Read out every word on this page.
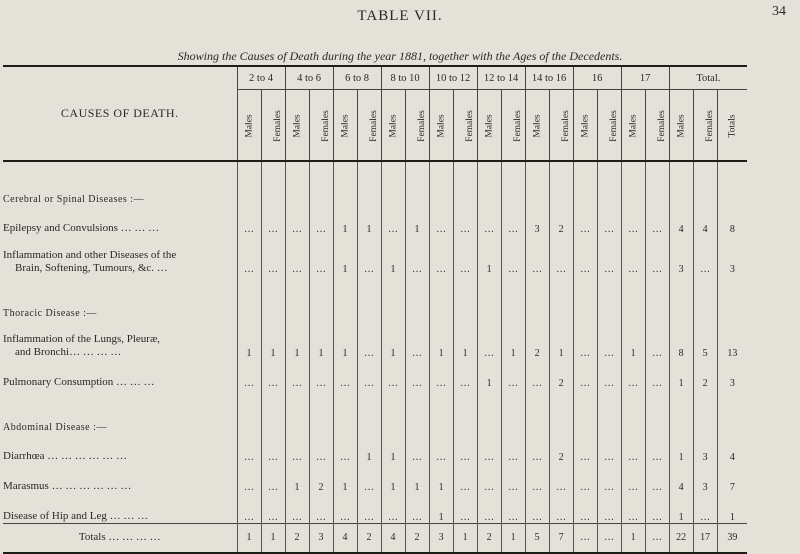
34
TABLE VII.
Showing the Causes of Death during the year 1881, together with the Ages of the Decedents.
CAUSES OF DEATH.	2 to 4		4 to 6		6 to 8		8 to 10		10 to 12		12 to 14		14 to 16		16		17		Total.		
	Males	Females	Males	Females	Males	Females	Males	Females	Males	Females	Males	Females	Males	Females	Males	Females	Males	Females	Males	Females	Totals
Cerebral or Spinal Diseases :—																					

Epilepsy and Convulsions … … …	…	…	…	…	1	1	…	1	…	…	…	…	3	2	…	…	…	…	4	4	8

Inflammation and other Diseases of the
Brain, Softening, Tumours, &c. …	…	…	…	…	1	…	1	…	…	…	1	…	…	…	…	…	…	…	3	…	3
Thoracic Disease :—																					

Inflammation of the Lungs, Pleuræ,
and Bronchi… … … …	1	1	1	1	1	…	1	…	1	1	…	1	2	1	…	…	1	…	8	5	13

Pulmonary Consumption … … …	…	…	…	…	…	…	…	…	…	…	1	…	…	2	…	…	…	…	1	2	3
Abdominal Disease :—																					

Diarrhœa … … … … … …	…	…	…	…	…	1	1	…	…	…	…	…	…	2	…	…	…	…	1	3	4

Marasmus … … … … … …	…	…	1	2	1	…	1	1	1	…	…	…	…	…	…	…	…	…	4	3	7

Disease of Hip and Leg … … …	…	…	…	…	…	…	…	…	1	…	…	…	…	…	…	…	…	…	1	…	1
Totals … … … …	1	1	2	3	4	2	4	2	3	1	2	1	5	7	…	…	1	…	22	17	39
